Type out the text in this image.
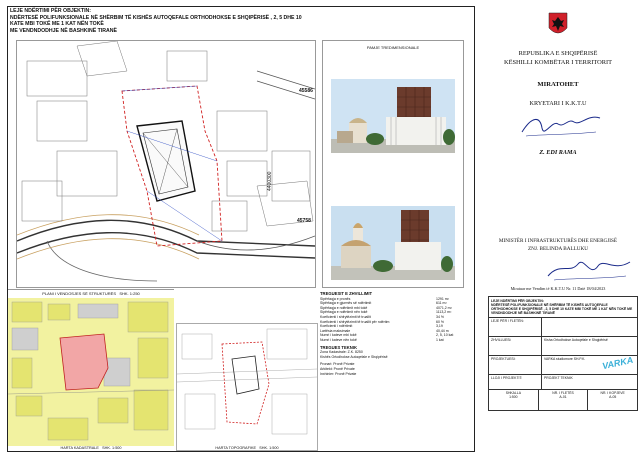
LEJE NDËRTIMI PËR OBJEKTIN:
NDËRTESË POLIFUNKSIONALE NË SHËRBIM TË KISHËS AUTOQEFALE ORTHODHOKSE E SHQIPËRISË , 2, 5 DHE 10 KATE MBI TOKË ME 1 KAT NËN TOKË
ME VENDNDODHJE NË BASHKINË TIRANË
45586
4400300
45758
PAMJE TREDIMENSIONALE
PLANI I VENDOSJES SË STRUKTURËS SHK. 1:250
HARTA KADASTRALE SHK. 1:500	HARTA TOPOGRAFIKE SHK. 1:500
TREGUESIT E ZHVILLIMIT
Sipërfaqja e pronës	1291 m²
Sipërfaqja e gjurmës së ndërtimit	611 m²
Sipërfaqja e ndërtimit mbi tokë	4071,2 m²
Sipërfaqja e ndërtimit nën tokë	1113,2 m²
Koeficienti i shfrytëzimit të truallit	34 %
Koeficienti i shfrytëzimit të truallit për ndërtim	60 %
Koeficienti i ndërtimit	3,19
Lartësia maksimale	40,44 m
Numri i kateve mbi tokë	2, 5, 10 kat
Numri i kateve nën tokë	1 kat
TREGUES TEKNIK
Zona Kadastrale: Z.K. 8250
Kishës Ortodhokse Autoqefale e Shqipërisë
Pronari: Pronë Private
Arkitekt: Pronë Private
Inxhinier: Pronë Private
REPUBLIKA E SHQIPËRISË
KËSHILLI KOMBËTAR I TERRITORIT
MIRATOHET
KRYETARI I K.K.T.U
Z. EDI RAMA
MINISTËR I INFRASTRUKTURËS DHE ENERGJISË
ZNJ. BELINDA BALLUKU
Miratuar me Vendim të K.K.T.U Nr. 11 Datë 18/04/2023
LEJE NDËRTIMI PËR OBJEKTIN:
NDËRTESË POLIFUNKSIONALE NË SHËRBIM TË KISHËS AUTOQEFALE ORTHODHOKSE E SHQIPËRISË , 2, 5 DHE 10 KATE MBI TOKË ME 1 KAT NËN TOKË ME VENDNDODHJE NË BASHKINË TIRANË
LEJE PËR / FLETËN:
ZHVILLUESI:	Kisha Ortodhokse Autoqefale e Shqipërisë
PROJEKTUESI:	VARKA studiomore SH.P.K.	VARKA
LLOJI I PROJEKTIT:	PROJEKT TEKNIK
SHKALLA
1:500
NR. I FLETËS
A-01
NR. I KOPJEVE
A-05
